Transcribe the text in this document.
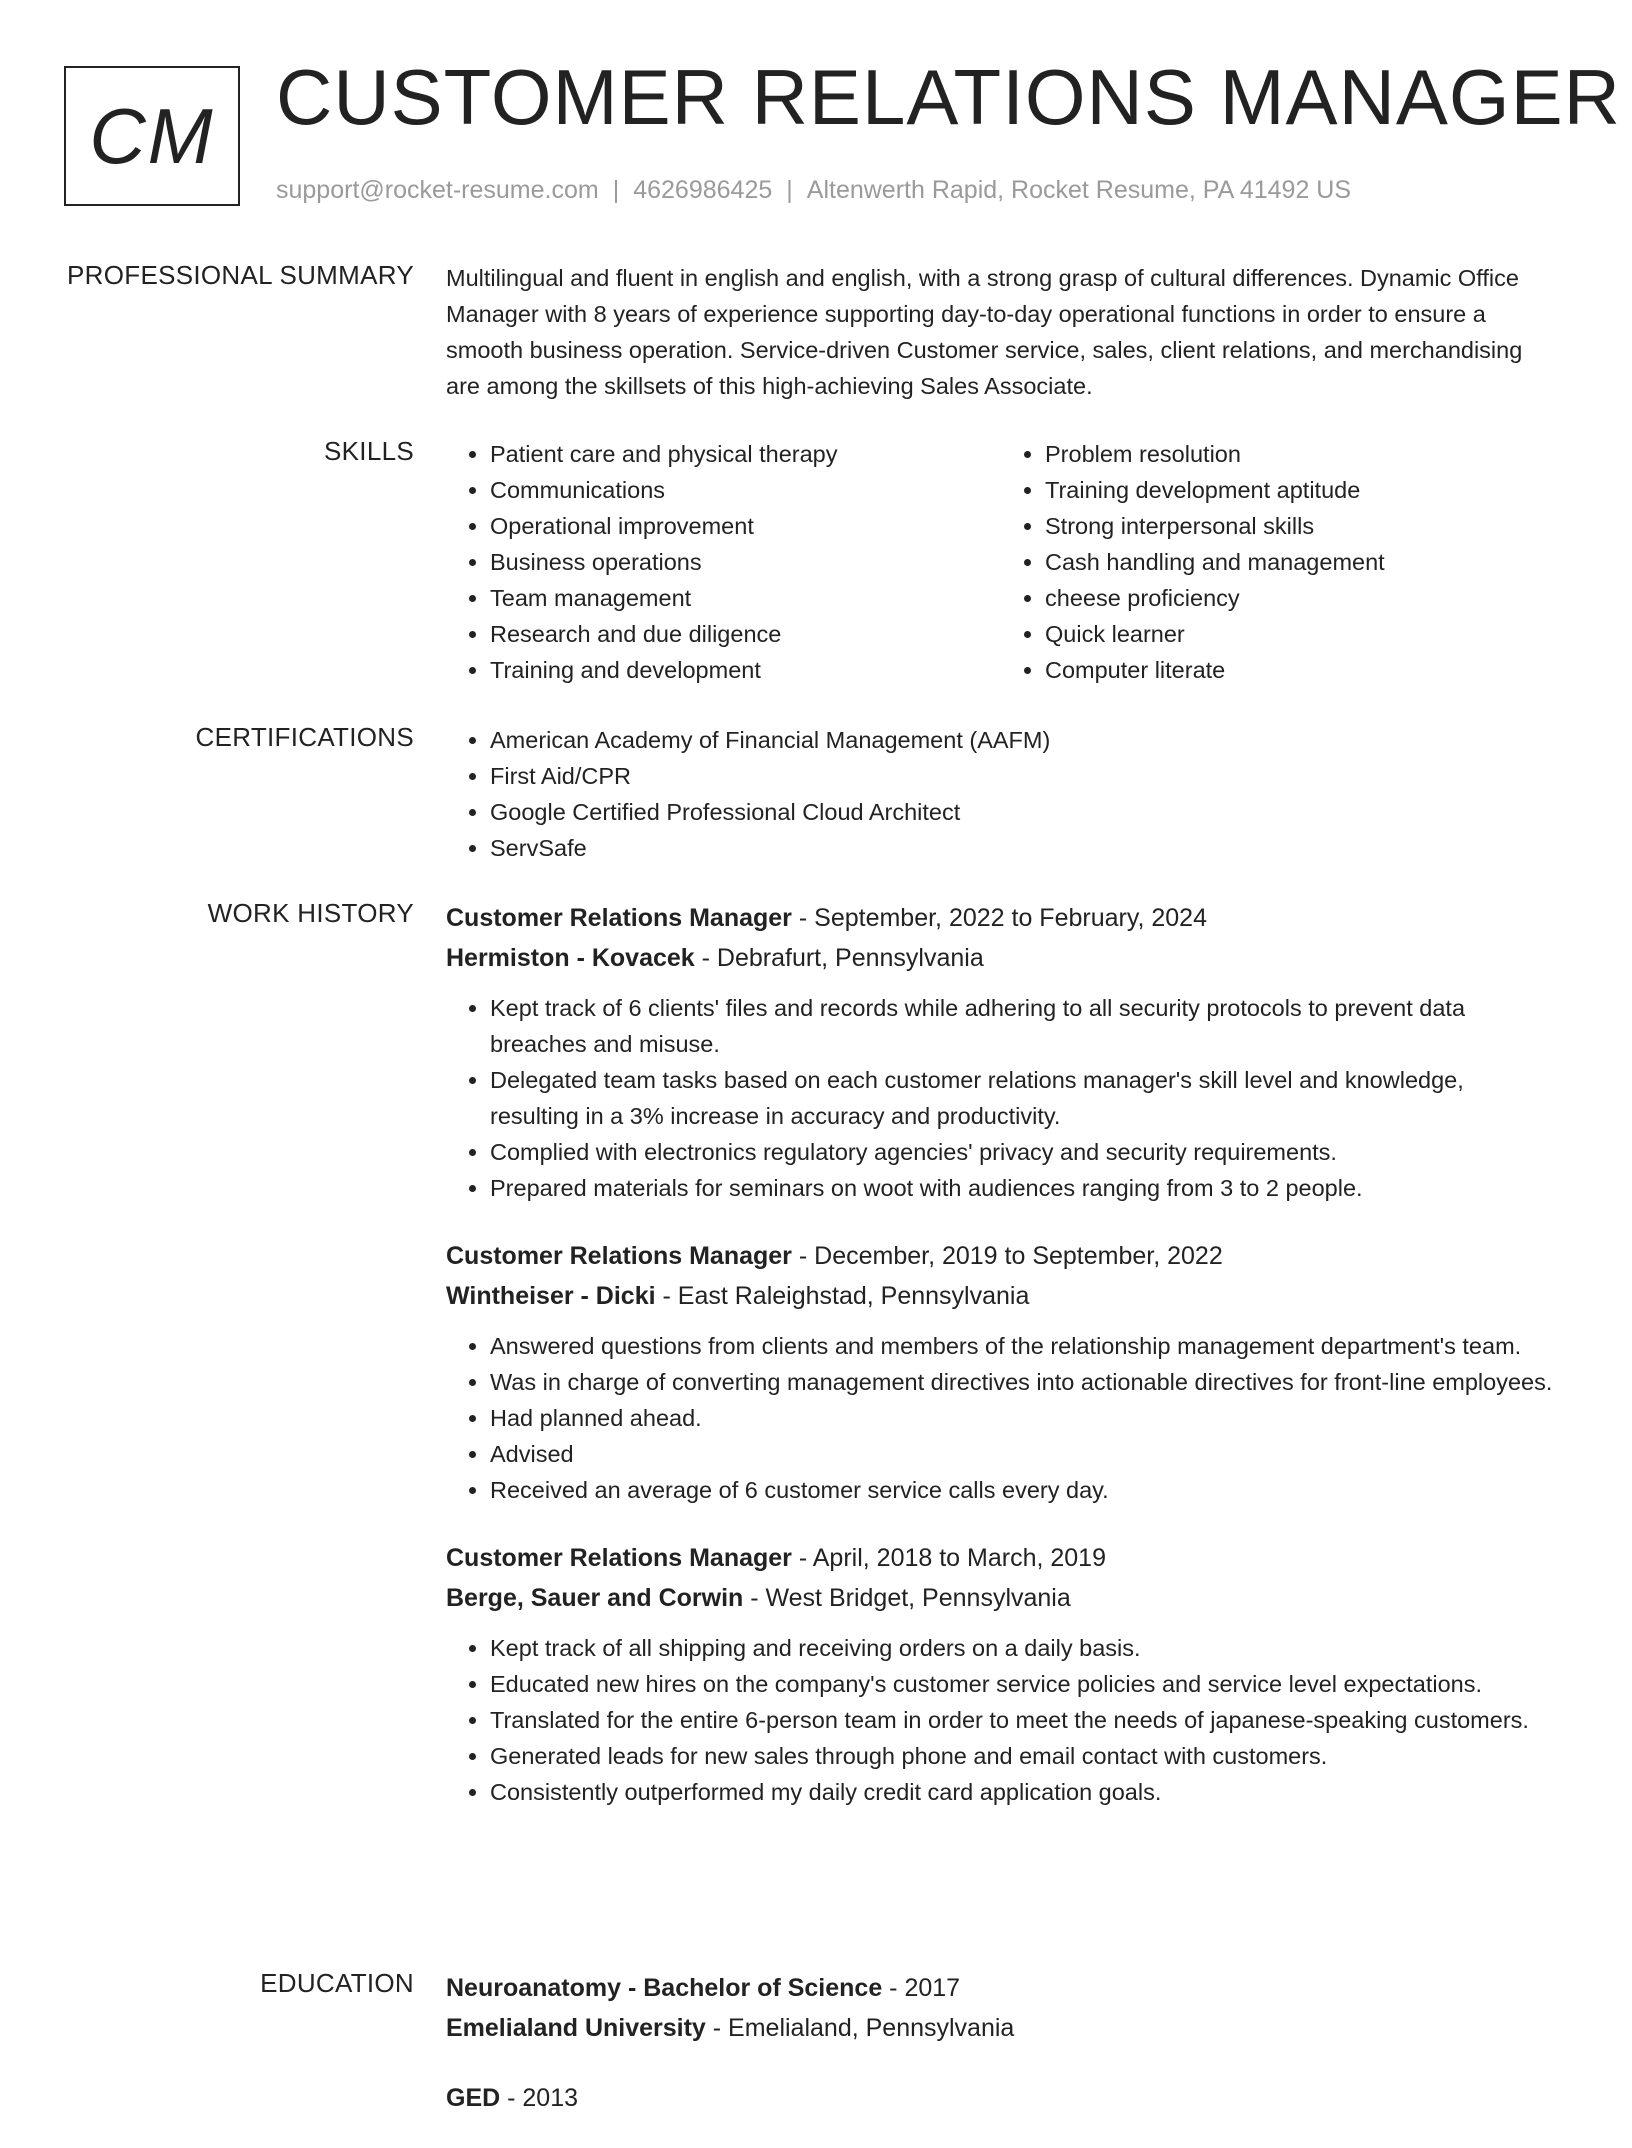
CM CUSTOMER RELATIONS MANAGER
support@rocket-resume.com | 4626986425 | Altenwerth Rapid, Rocket Resume, PA 41492 US
PROFESSIONAL SUMMARY Multilingual and fluent in english and english, with a strong grasp of cultural differences. Dynamic Office Manager with 8 years of experience supporting day-to-day operational functions in order to ensure a smooth business operation. Service-driven Customer service, sales, client relations, and merchandising are among the skillsets of this high-achieving Sales Associate.

SKILLS	• Patient care and physical therapy
• Communications
• Operational improvement
• Business operations
• Team management
• Research and due diligence
• Training and development
• Problem resolution
• Training development aptitude
• Strong interpersonal skills
• Cash handling and management
• cheese proficiency
• Quick learner
• Computer literate
CERTIFICATIONS	• American Academy of Financial Management (AAFM)
• First Aid/CPR
• Google Certified Professional Cloud Architect
• ServSafe
WORK HISTORY Customer Relations Manager - September, 2022 to February, 2024
Hermiston - Kovacek - Debrafurt, Pennsylvania
• Kept track of 6 clients' files and records while adhering to all security protocols to prevent data breaches and misuse.
• Delegated team tasks based on each customer relations manager's skill level and knowledge, resulting in a 3% increase in accuracy and productivity.
• Complied with electronics regulatory agencies' privacy and security requirements.
• Prepared materials for seminars on woot with audiences ranging from 3 to 2 people.
Customer Relations Manager - December, 2019 to September, 2022
Wintheiser - Dicki - East Raleighstad, Pennsylvania
• Answered questions from clients and members of the relationship management department's team.
• Was in charge of converting management directives into actionable directives for front-line employees.
• Had planned ahead.
• Advised
• Received an average of 6 customer service calls every day.
Customer Relations Manager - April, 2018 to March, 2019
Berge, Sauer and Corwin - West Bridget, Pennsylvania
• Kept track of all shipping and receiving orders on a daily basis.
• Educated new hires on the company's customer service policies and service level expectations.
• Translated for the entire 6-person team in order to meet the needs of japanese-speaking customers.
• Generated leads for new sales through phone and email contact with customers.
• Consistently outperformed my daily credit card application goals.
EDUCATION Neuroanatomy - Bachelor of Science - 2017
Emelialand University - Emelialand, Pennsylvania
GED - 2013
